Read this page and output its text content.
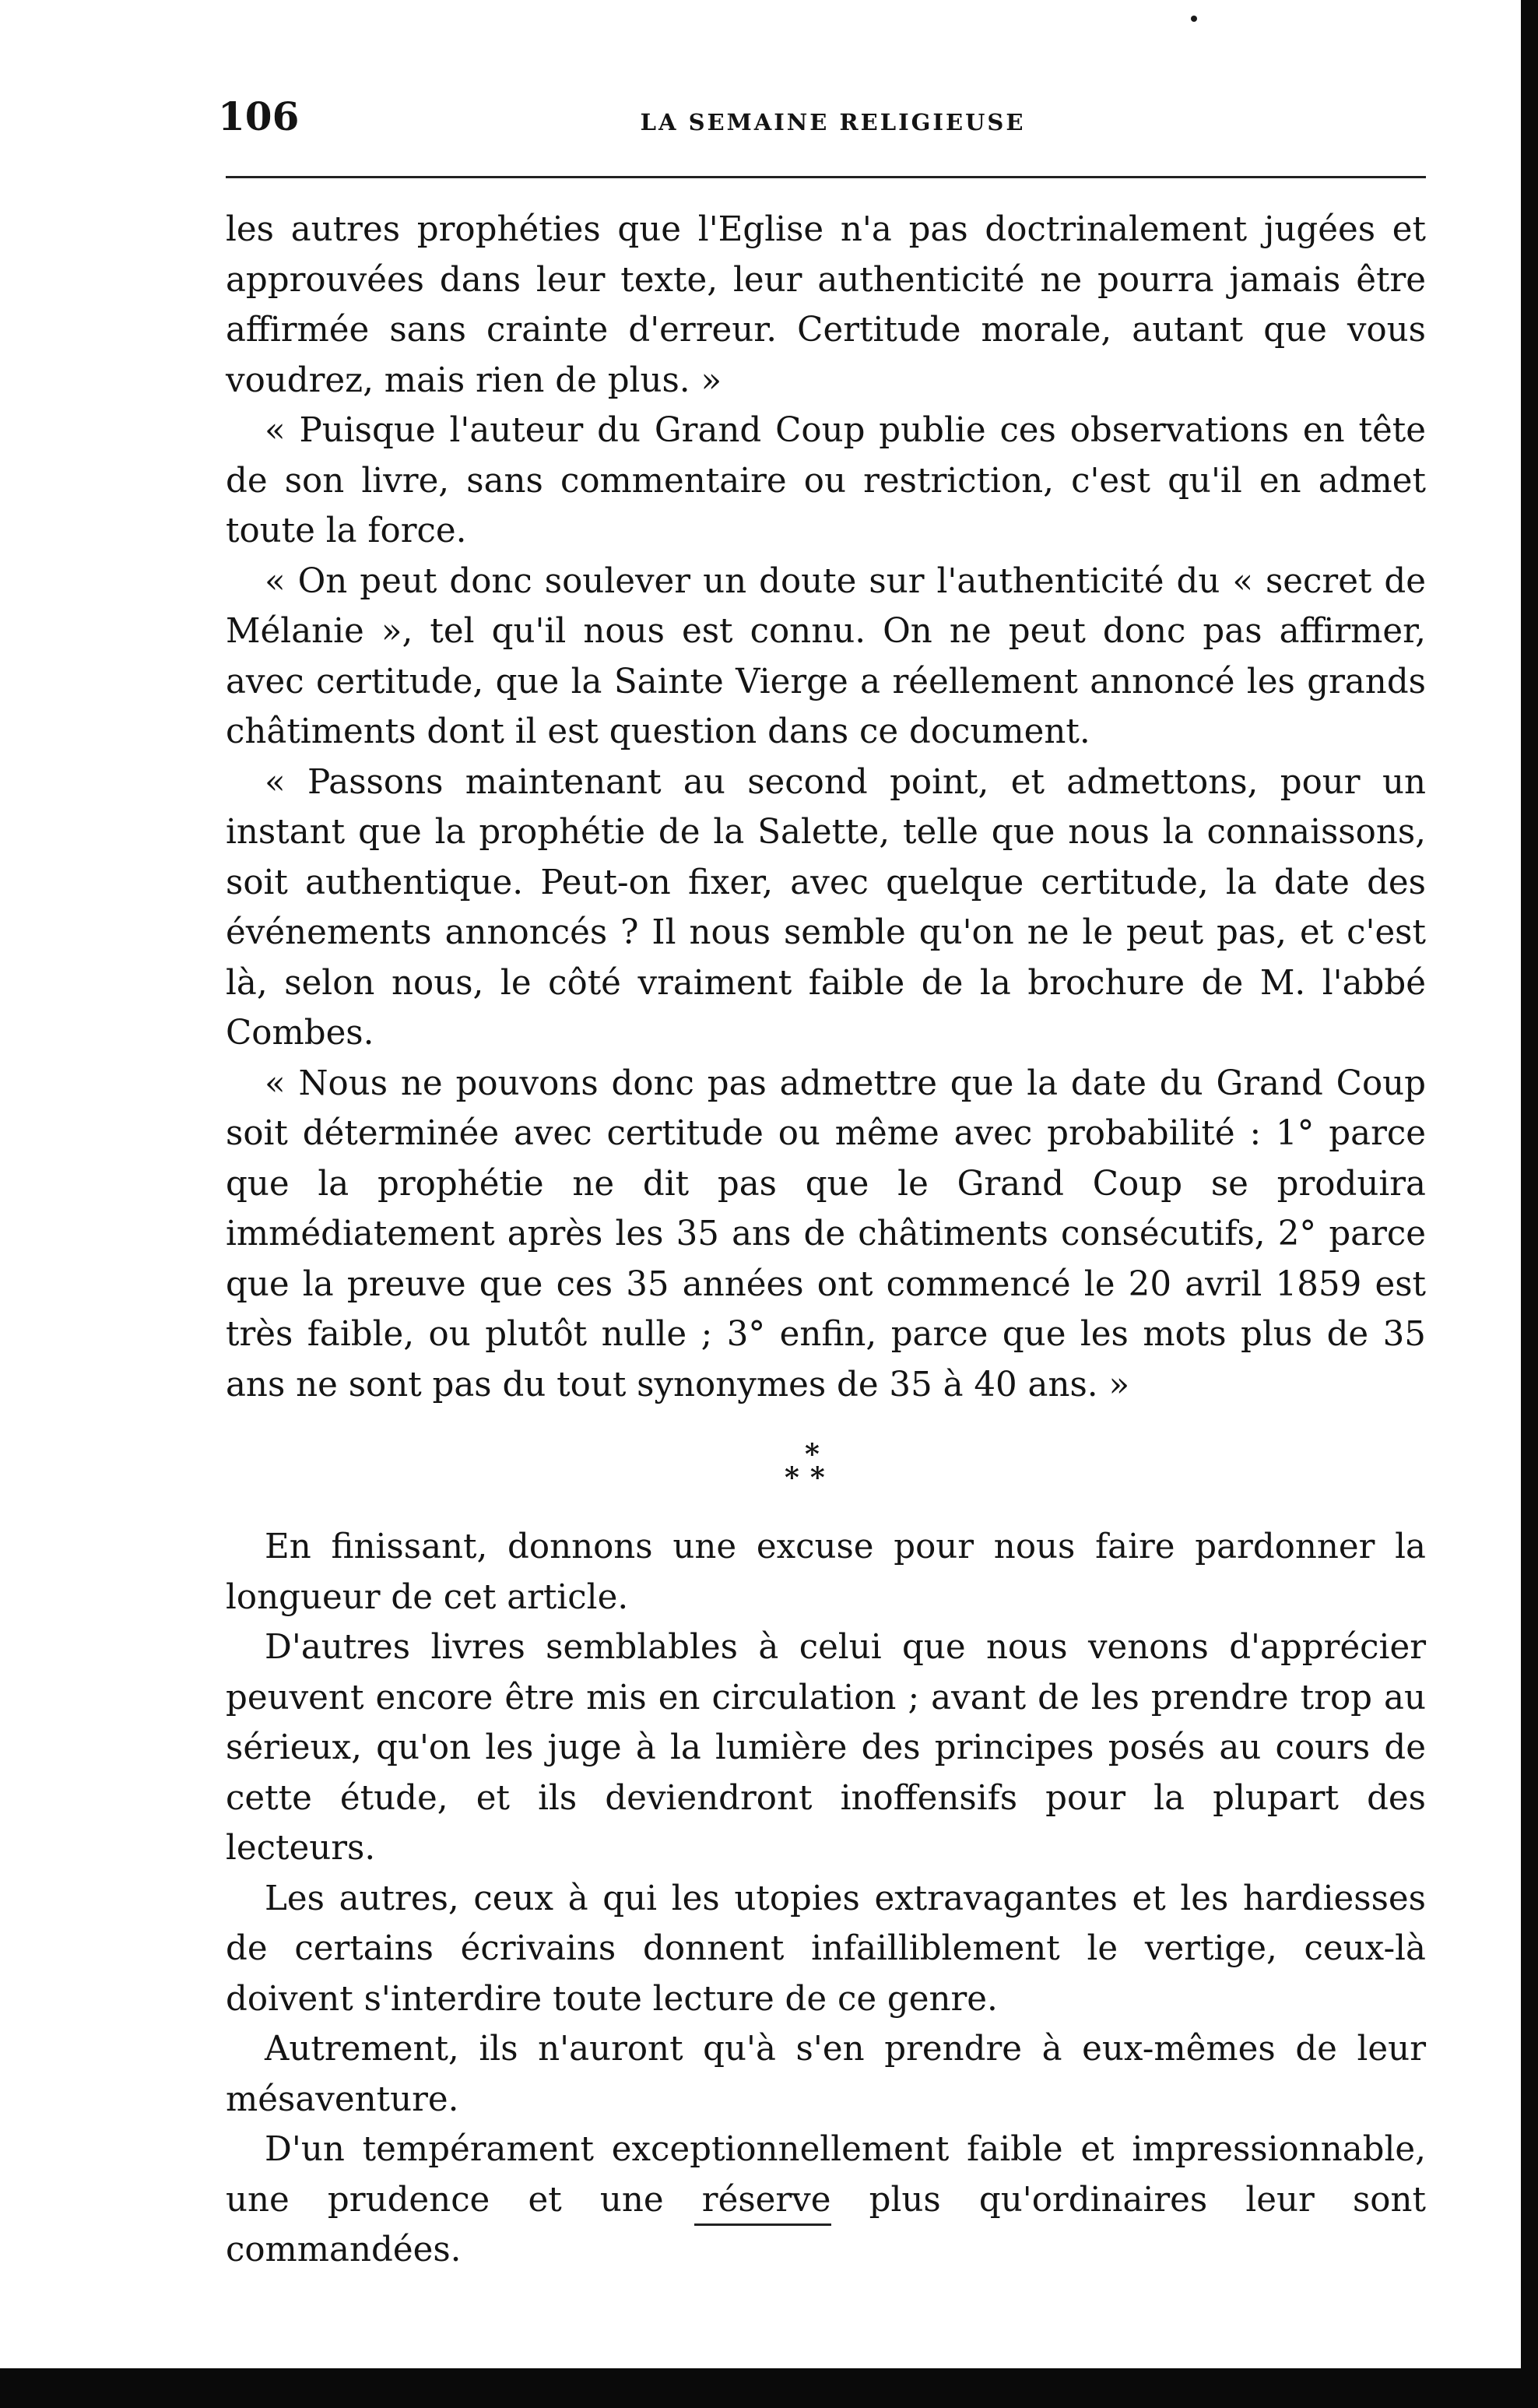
106	LA SEMAINE RELIGIEUSE

les autres prophéties que l'Eglise n'a pas doctrinalement jugées et approuvées dans leur texte, leur authenticité ne pourra jamais être affirmée sans crainte d'erreur. Certitude morale, autant que vous voudrez, mais rien de plus. »

« Puisque l'auteur du Grand Coup publie ces observations en tête de son livre, sans commentaire ou restriction, c'est qu'il en admet toute la force.

« On peut donc soulever un doute sur l'authenticité du « secret de Mélanie », tel qu'il nous est connu. On ne peut donc pas affirmer, avec certitude, que la Sainte Vierge a réellement annoncé les grands châtiments dont il est question dans ce document.

« Passons maintenant au second point, et admettons, pour un instant que la prophétie de la Salette, telle que nous la connaissons, soit authentique. Peut-on fixer, avec quelque certitude, la date des événements annoncés ? Il nous semble qu'on ne le peut pas, et c'est là, selon nous, le côté vraiment faible de la brochure de M. l'abbé Combes.

« Nous ne pouvons donc pas admettre que la date du Grand Coup soit déterminée avec certitude ou même avec probabilité : 1° parce que la prophétie ne dit pas que le Grand Coup se produira immédiatement après les 35 ans de châtiments consécutifs, 2° parce que la preuve que ces 35 années ont commencé le 20 avril 1859 est très faible, ou plutôt nulle ; 3° enfin, parce que les mots plus de 35 ans ne sont pas du tout synonymes de 35 à 40 ans. »

*
**

En finissant, donnons une excuse pour nous faire pardonner la longueur de cet article.

D'autres livres semblables à celui que nous venons d'apprécier peuvent encore être mis en circulation ; avant de les prendre trop au sérieux, qu'on les juge à la lumière des principes posés au cours de cette étude, et ils deviendront inoffensifs pour la plupart des lecteurs.

Les autres, ceux à qui les utopies extravagantes et les hardiesses de certains écrivains donnent infailliblement le vertige, ceux-là doivent s'interdire toute lecture de ce genre.

Autrement, ils n'auront qu'à s'en prendre à eux-mêmes de leur mésaventure.

D'un tempérament exceptionnellement faible et impressionnable, une prudence et une réserve plus qu'ordinaires leur sont commandées.
